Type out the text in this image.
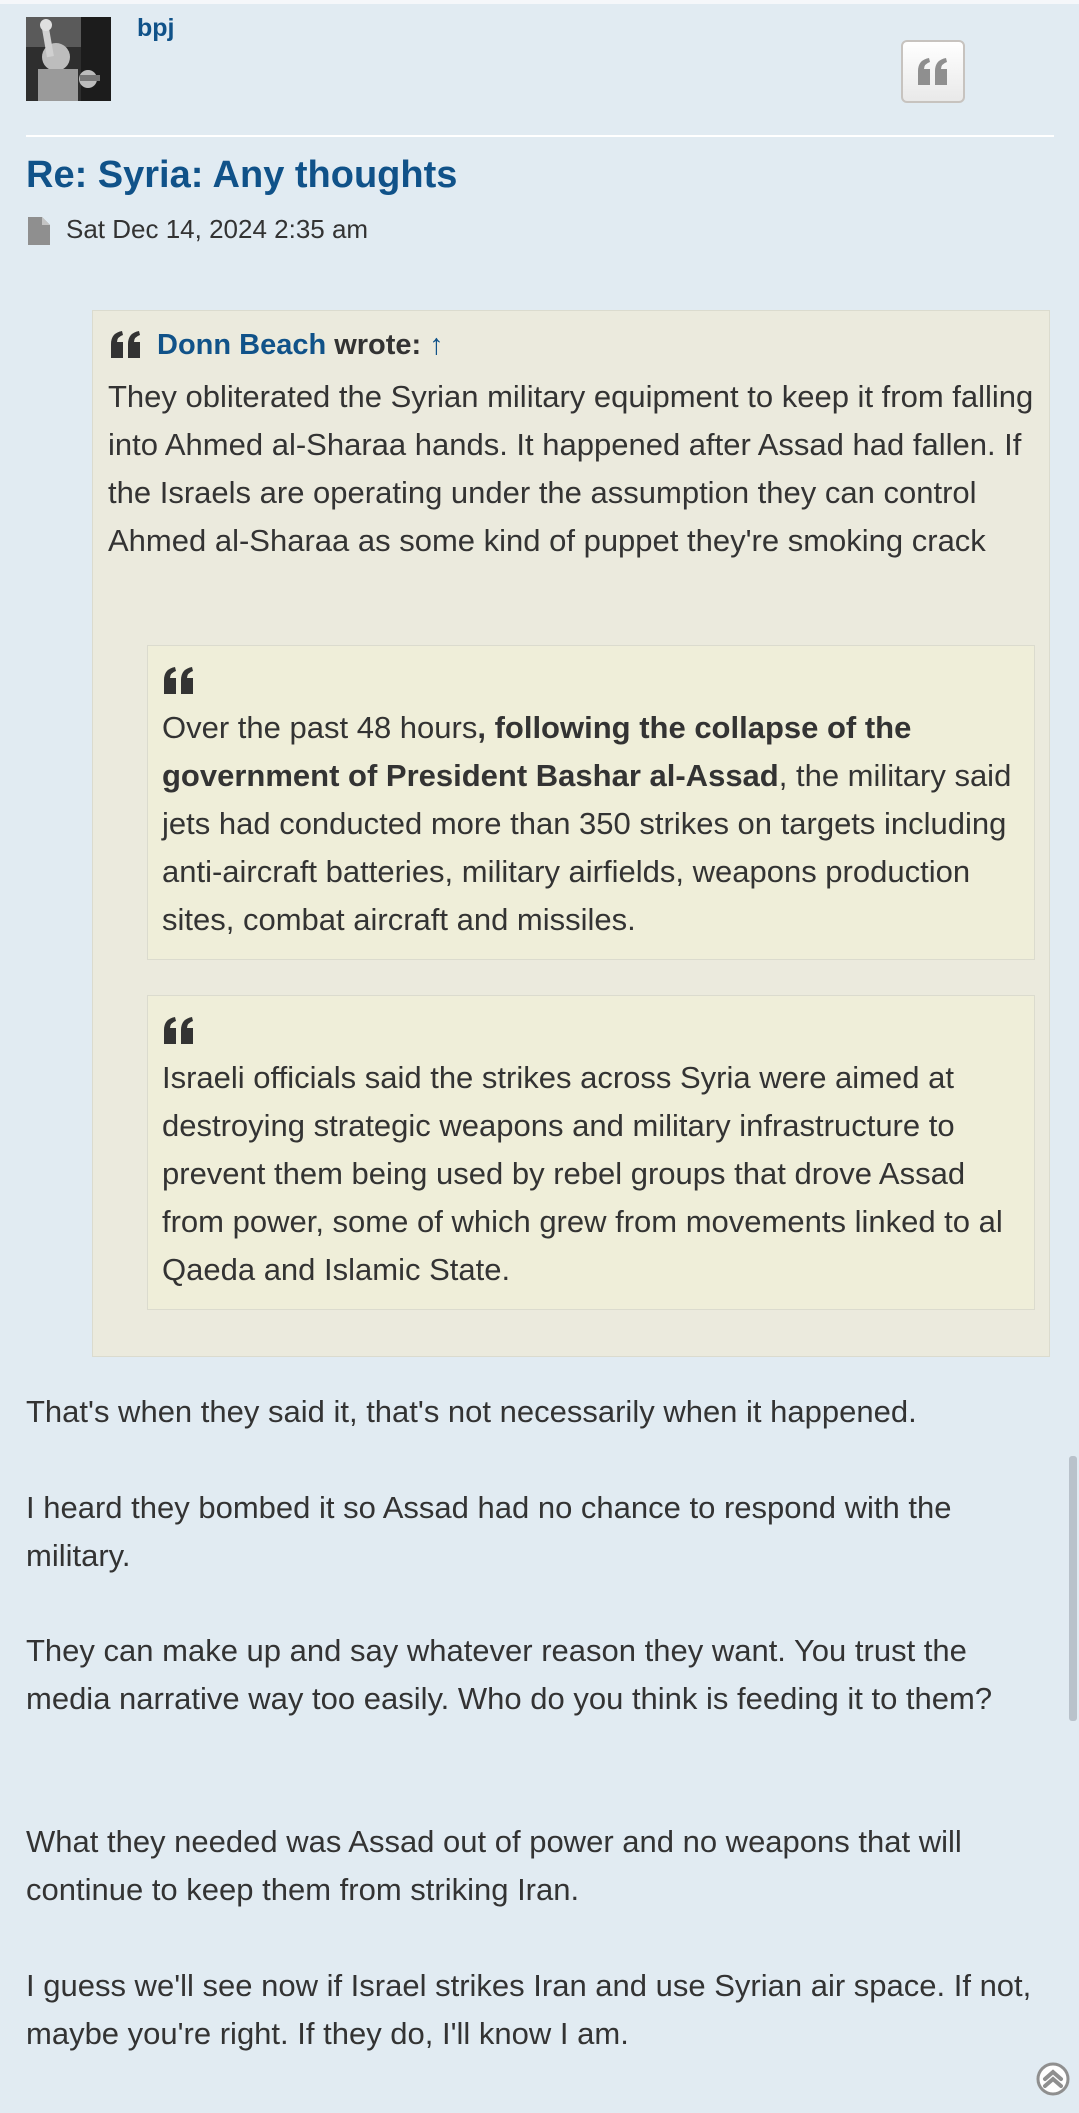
bpj
Re: Syria: Any thoughts
Sat Dec 14, 2024 2:35 am
Donn Beach wrote: ↑

They obliterated the Syrian military equipment to keep it from falling into Ahmed al-Sharaa hands. It happened after Assad had fallen. If the Israels are operating under the assumption they can control Ahmed al-Sharaa as some kind of puppet they're smoking crack

Over the past 48 hours, following the collapse of the government of President Bashar al-Assad, the military said jets had conducted more than 350 strikes on targets including anti-aircraft batteries, military airfields, weapons production sites, combat aircraft and missiles.

Israeli officials said the strikes across Syria were aimed at destroying strategic weapons and military infrastructure to prevent them being used by rebel groups that drove Assad from power, some of which grew from movements linked to al Qaeda and Islamic State.

That's when they said it, that's not necessarily when it happened.

I heard they bombed it so Assad had no chance to respond with the military.

They can make up and say whatever reason they want. You trust the media narrative way too easily. Who do you think is feeding it to them?

What they needed was Assad out of power and no weapons that will continue to keep them from striking Iran.

I guess we'll see now if Israel strikes Iran and use Syrian air space. If not, maybe you're right. If they do, I'll know I am.
